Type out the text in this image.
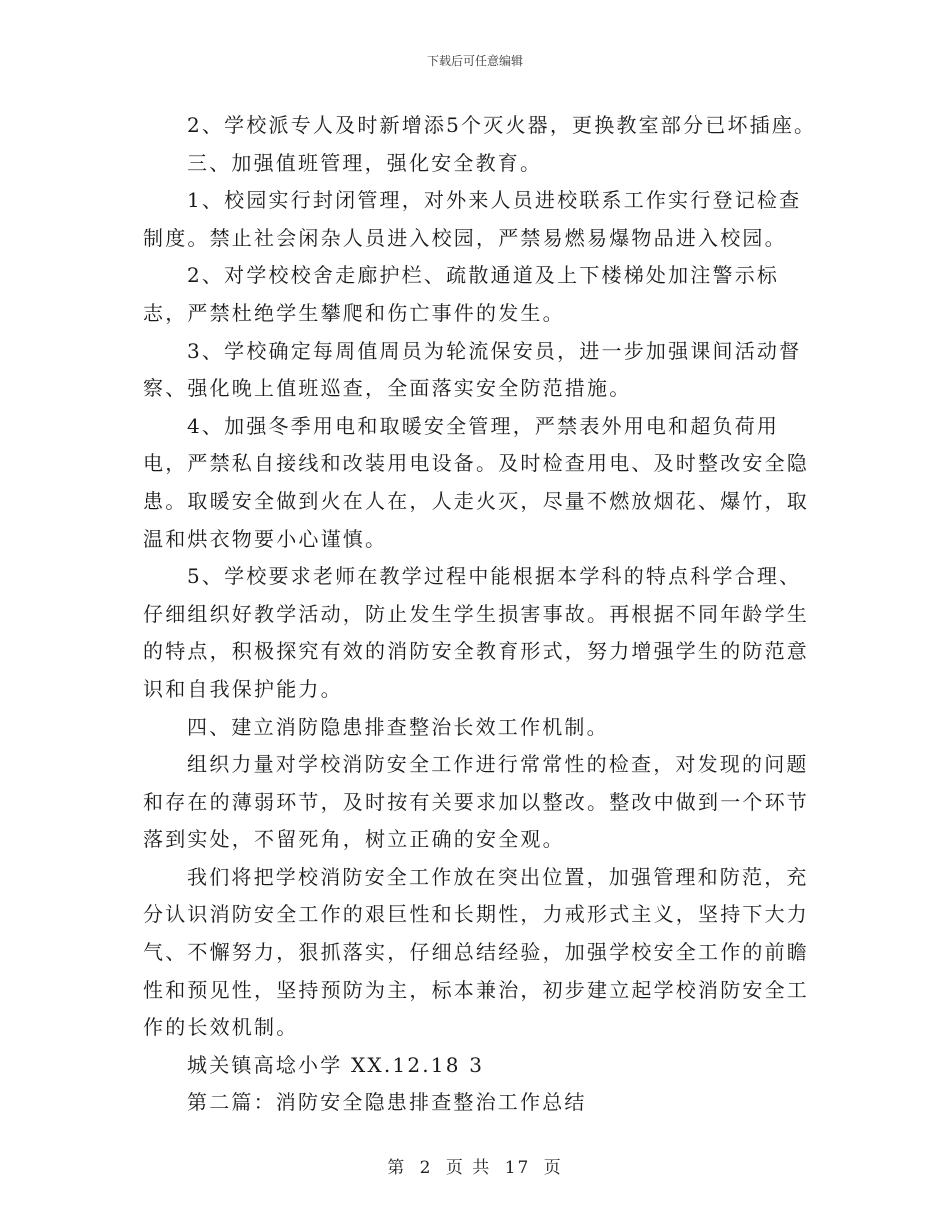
下载后可任意编辑

2、学校派专人及时新增添5个灭火器，更换教室部分已坏插座。

三、加强值班管理，强化安全教育。

1、校园实行封闭管理，对外来人员进校联系工作实行登记检查制度。禁止社会闲杂人员进入校园，严禁易燃易爆物品进入校园。

2、对学校校舍走廊护栏、疏散通道及上下楼梯处加注警示标志，严禁杜绝学生攀爬和伤亡事件的发生。

3、学校确定每周值周员为轮流保安员，进一步加强课间活动督察、强化晚上值班巡查，全面落实安全防范措施。

4、加强冬季用电和取暖安全管理，严禁表外用电和超负荷用电，严禁私自接线和改装用电设备。及时检查用电、及时整改安全隐患。取暖安全做到火在人在，人走火灭，尽量不燃放烟花、爆竹，取温和烘衣物要小心谨慎。

5、学校要求老师在教学过程中能根据本学科的特点科学合理、仔细组织好教学活动，防止发生学生损害事故。再根据不同年龄学生的特点，积极探究有效的消防安全教育形式，努力增强学生的防范意识和自我保护能力。

四、建立消防隐患排查整治长效工作机制。

组织力量对学校消防安全工作进行常常性的检查，对发现的问题和存在的薄弱环节，及时按有关要求加以整改。整改中做到一个环节落到实处，不留死角，树立正确的安全观。

我们将把学校消防安全工作放在突出位置，加强管理和防范，充分认识消防安全工作的艰巨性和长期性，力戒形式主义，坚持下大力气、不懈努力，狠抓落实，仔细总结经验，加强学校安全工作的前瞻性和预见性，坚持预防为主，标本兼治，初步建立起学校消防安全工作的长效机制。

城关镇高埝小学 XX.12.18 3

第二篇：消防安全隐患排查整治工作总结

第 2 页 共 17 页
